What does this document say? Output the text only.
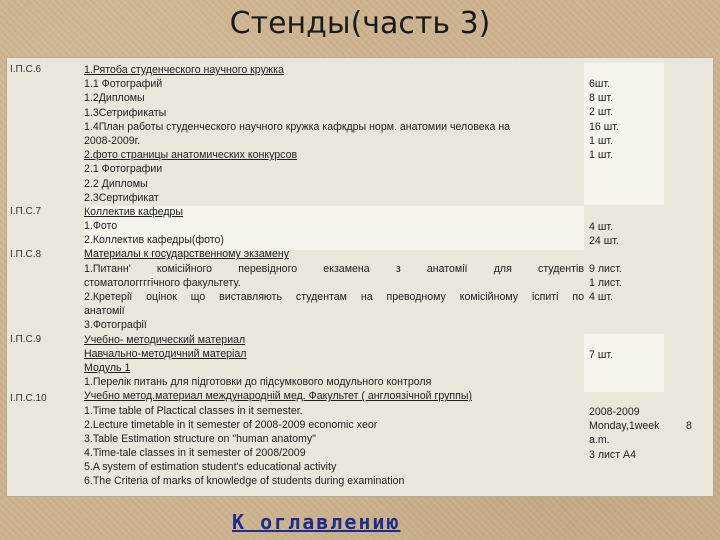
Стенды(часть 3)
І.П.С.6
І.П.С.7
І.П.С.8
І.П.С.9
І.П.С.10
1.Рятоба студенческого научного кружка
1.1 Фотографий
1.2Дипломы
1.3Сетрификаты
1.4План работы студенческого научного кружка кафкдры норм. анатомии человека на
2008-2009г.
2.фото страницы анатомических конкурсов
2.1 Фотографии
2.2 Дипломы
2.3Сертификат
Коллектив кафедры
1.Фото
2.Коллектив кафедры(фото)
Материалы к государственному экзамену
1.Питанн' комісійного перевідного екзамена з анатомії для студентів
стоматологгггічного факультету.
2.Кретерії оцінок що виставляють студентам на преводному комісійному іспиті по
анатомії
3.Фотографії
Учебно- методический материал
Навчально-методичний матеріал
Модуль 1
1.Перелік питань для підготовки до підсумкового модульного контроля
Учебно метод.материал международній мед. Факультет ( англоязічной группы)
1.Time table of Plactical classes in it semester.
2.Lecture timetable in it semester of 2008-2009 economic xeor
3.Table Estimation structure on "human anatomy"
4.Time-tale classes in it semester of 2008/2009
5.A system of estimation student's educational activity
6.The Criteria of marks of knowledge of students during examination
6шт.
8 шт.
2 шт.
16 шт.
1 шт.
1 шт.
4 шт.
24 шт.
9 лист.
1 лист.
4 шт.
7 шт.
2008-2009
Monday,1week
a.m.
3 лист А4
8
К оглавлению
